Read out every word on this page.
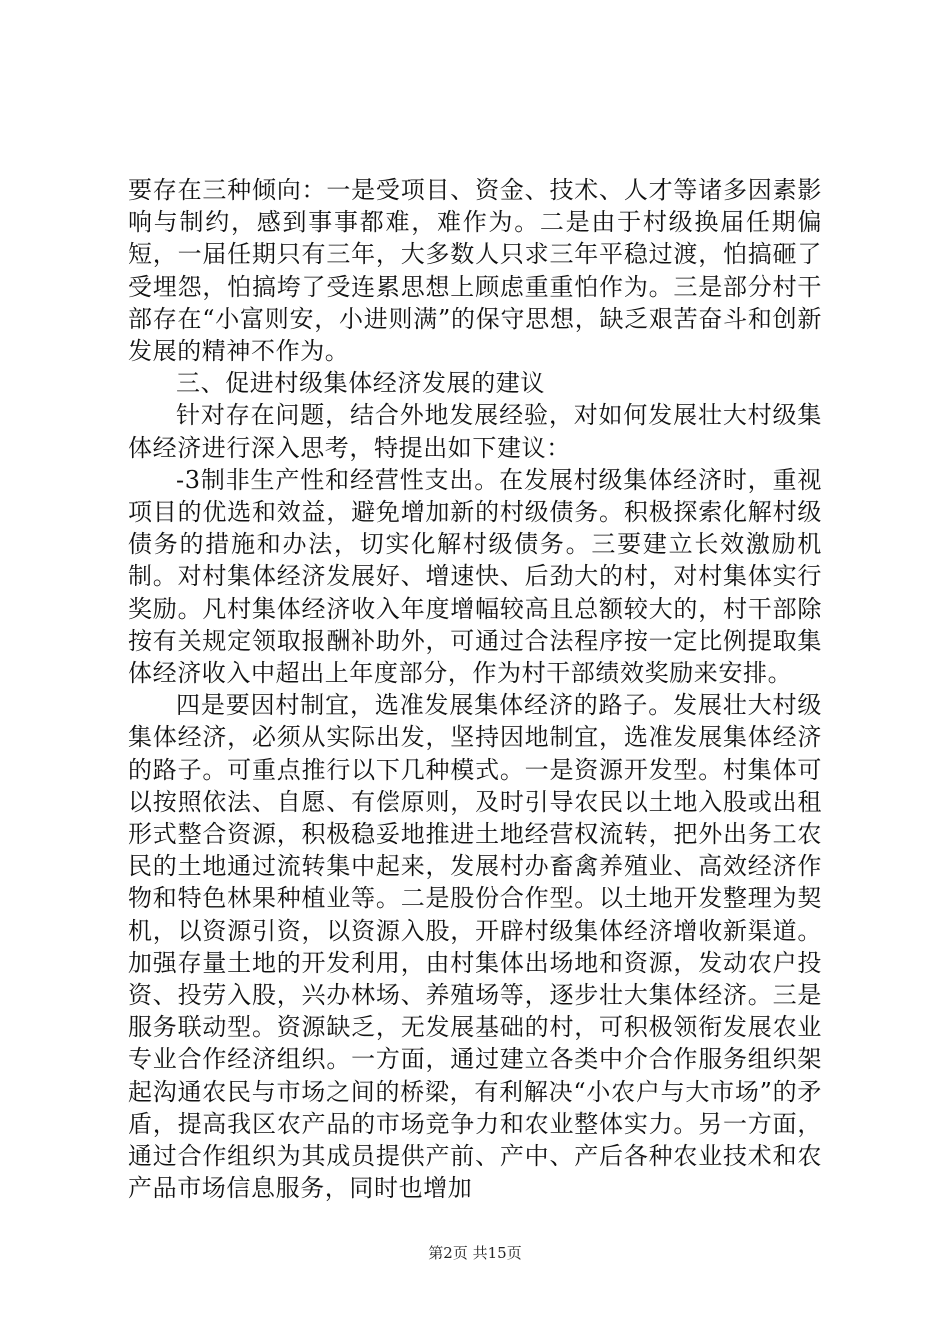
要存在三种倾向：一是受项目、资金、技术、人才等诸多因素影响与制约，感到事事都难，难作为。二是由于村级换届任期偏短，一届任期只有三年，大多数人只求三年平稳过渡，怕搞砸了受埋怨，怕搞垮了受连累思想上顾虑重重怕作为。三是部分村干部存在“小富则安，小进则满”的保守思想，缺乏艰苦奋斗和创新发展的精神不作为。

三、促进村级集体经济发展的建议

针对存在问题，结合外地发展经验，对如何发展壮大村级集体经济进行深入思考，特提出如下建议：

-3制非生产性和经营性支出。在发展村级集体经济时，重视项目的优选和效益，避免增加新的村级债务。积极探索化解村级债务的措施和办法，切实化解村级债务。三要建立长效激励机制。对村集体经济发展好、增速快、后劲大的村，对村集体实行奖励。凡村集体经济收入年度增幅较高且总额较大的，村干部除按有关规定领取报酬补助外，可通过合法程序按一定比例提取集体经济收入中超出上年度部分，作为村干部绩效奖励来安排。

四是要因村制宜，选准发展集体经济的路子。发展壮大村级集体经济，必须从实际出发，坚持因地制宜，选准发展集体经济的路子。可重点推行以下几种模式。一是资源开发型。村集体可以按照依法、自愿、有偿原则，及时引导农民以土地入股或出租形式整合资源，积极稳妥地推进土地经营权流转，把外出务工农民的土地通过流转集中起来，发展村办畜禽养殖业、高效经济作物和特色林果种植业等。二是股份合作型。以土地开发整理为契机，以资源引资，以资源入股，开辟村级集体经济增收新渠道。加强存量土地的开发利用，由村集体出场地和资源，发动农户投资、投劳入股，兴办林场、养殖场等，逐步壮大集体经济。三是服务联动型。资源缺乏，无发展基础的村，可积极领衔发展农业专业合作经济组织。一方面，通过建立各类中介合作服务组织架起沟通农民与市场之间的桥梁，有利解决“小农户与大市场”的矛盾，提高我区农产品的市场竞争力和农业整体实力。另一方面，通过合作组织为其成员提供产前、产中、产后各种农业技术和农产品市场信息服务，同时也增加

第2页 共15页
